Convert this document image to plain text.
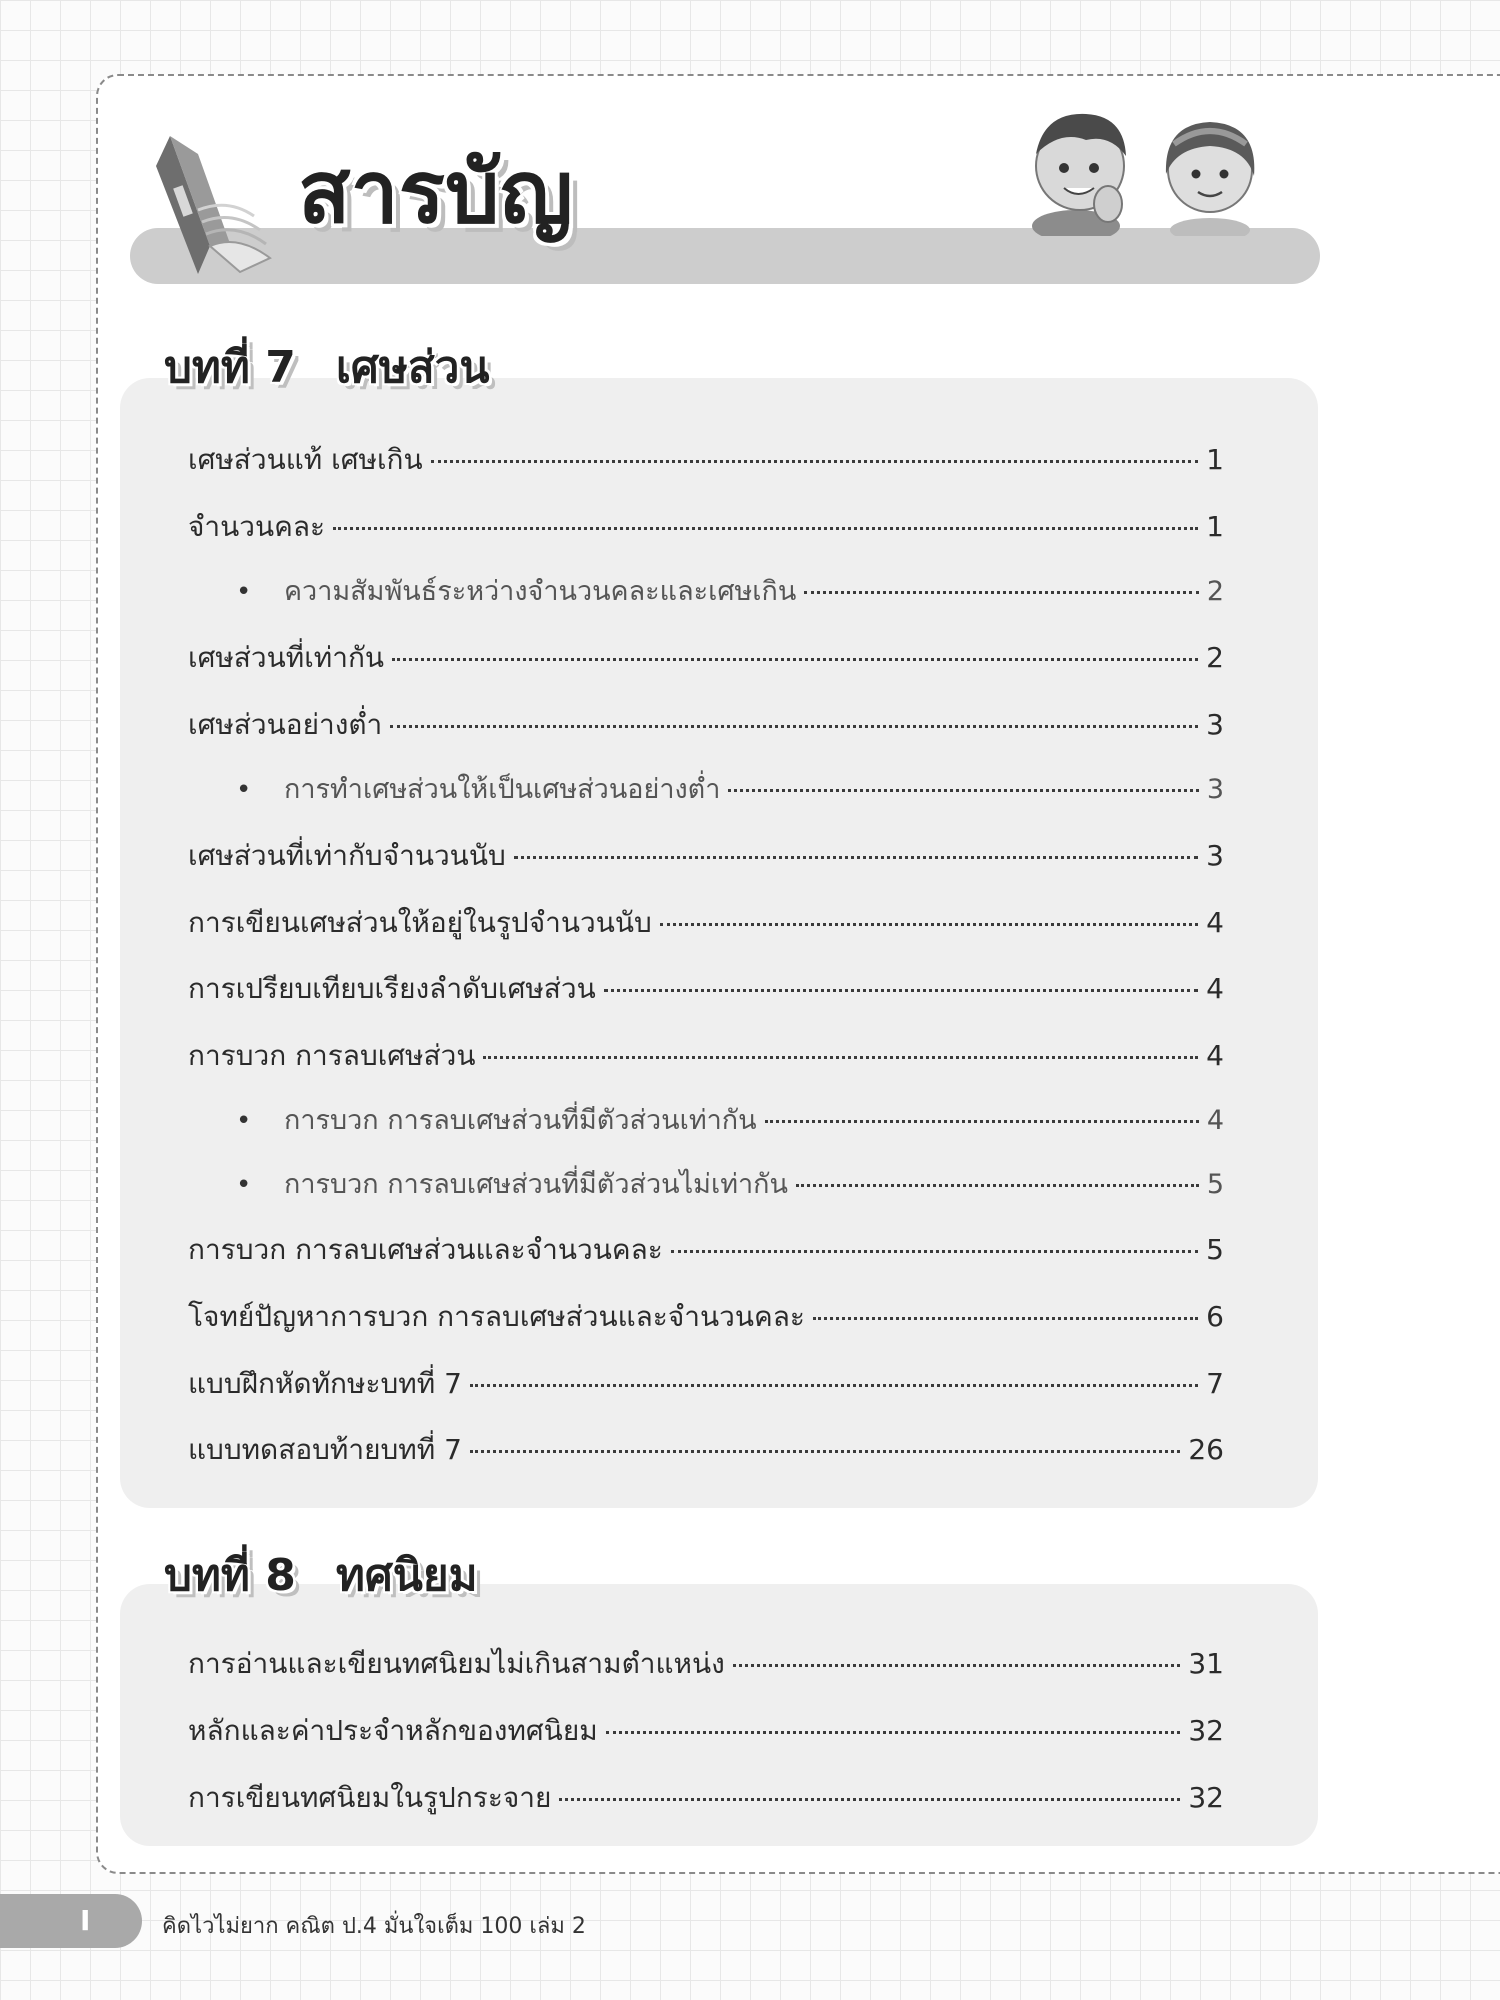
สารบัญ
บทที่ 7 เศษส่วน
เศษส่วนแท้ เศษเกิน	1
จำนวนคละ	1
•
ความสัมพันธ์ระหว่างจำนวนคละและเศษเกิน	2
เศษส่วนที่เท่ากัน	2
เศษส่วนอย่างต่ำ	3
•
การทำเศษส่วนให้เป็นเศษส่วนอย่างต่ำ	3
เศษส่วนที่เท่ากับจำนวนนับ	3
การเขียนเศษส่วนให้อยู่ในรูปจำนวนนับ	4
การเปรียบเทียบเรียงลำดับเศษส่วน	4
การบวก การลบเศษส่วน	4
•
การบวก การลบเศษส่วนที่มีตัวส่วนเท่ากัน	4
•
การบวก การลบเศษส่วนที่มีตัวส่วนไม่เท่ากัน	5
การบวก การลบเศษส่วนและจำนวนคละ	5
โจทย์ปัญหาการบวก การลบเศษส่วนและจำนวนคละ	6
แบบฝึกหัดทักษะบทที่ 7	7
แบบทดสอบท้ายบทที่ 7	26
บทที่ 8 ทศนิยม
การอ่านและเขียนทศนิยมไม่เกินสามตำแหน่ง	31
หลักและค่าประจำหลักของทศนิยม	32
การเขียนทศนิยมในรูปกระจาย	32
I	คิดไวไม่ยาก คณิต ป.4 มั่นใจเต็ม 100 เล่ม 2
